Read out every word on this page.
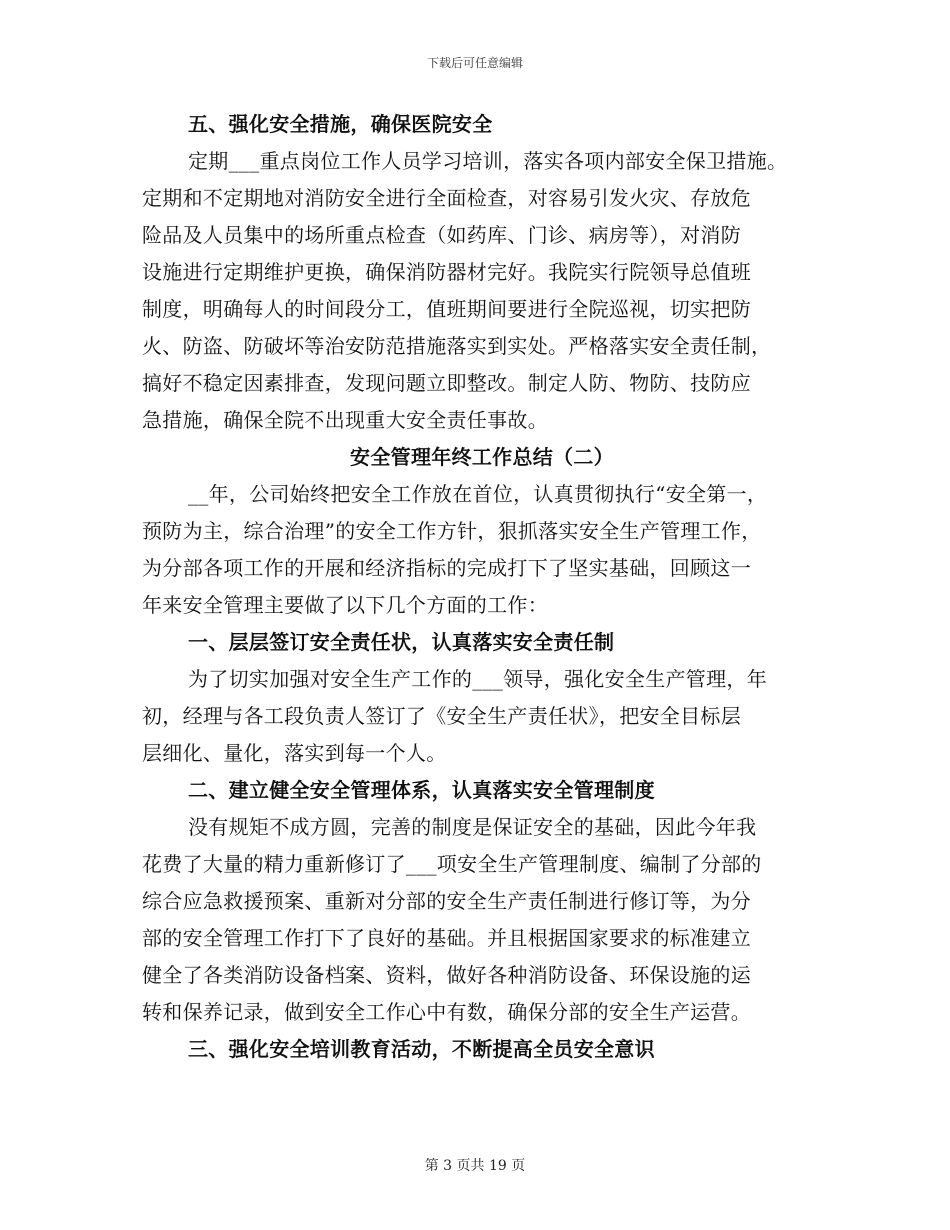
下载后可任意编辑
五、强化安全措施，确保医院安全
定期___重点岗位工作人员学习培训，落实各项内部安全保卫措施。
定期和不定期地对消防安全进行全面检查，对容易引发火灾、存放危
险品及人员集中的场所重点检查（如药库、门诊、病房等），对消防
设施进行定期维护更换，确保消防器材完好。我院实行院领导总值班
制度，明确每人的时间段分工，值班期间要进行全院巡视，切实把防
火、防盗、防破坏等治安防范措施落实到实处。严格落实安全责任制，
搞好不稳定因素排查，发现问题立即整改。制定人防、物防、技防应
急措施，确保全院不出现重大安全责任事故。
安全管理年终工作总结（二）
__年，公司始终把安全工作放在首位，认真贯彻执行“安全第一，
预防为主，综合治理”的安全工作方针，狠抓落实安全生产管理工作，
为分部各项工作的开展和经济指标的完成打下了坚实基础，回顾这一
年来安全管理主要做了以下几个方面的工作：
一、层层签订安全责任状，认真落实安全责任制
为了切实加强对安全生产工作的___领导，强化安全生产管理，年
初，经理与各工段负责人签订了《安全生产责任状》，把安全目标层
层细化、量化，落实到每一个人。
二、建立健全安全管理体系，认真落实安全管理制度
没有规矩不成方圆，完善的制度是保证安全的基础，因此今年我
花费了大量的精力重新修订了___项安全生产管理制度、编制了分部的
综合应急救援预案、重新对分部的安全生产责任制进行修订等，为分
部的安全管理工作打下了良好的基础。并且根据国家要求的标准建立
健全了各类消防设备档案、资料，做好各种消防设备、环保设施的运
转和保养记录，做到安全工作心中有数，确保分部的安全生产运营。
三、强化安全培训教育活动，不断提高全员安全意识
第 3 页共 19 页
